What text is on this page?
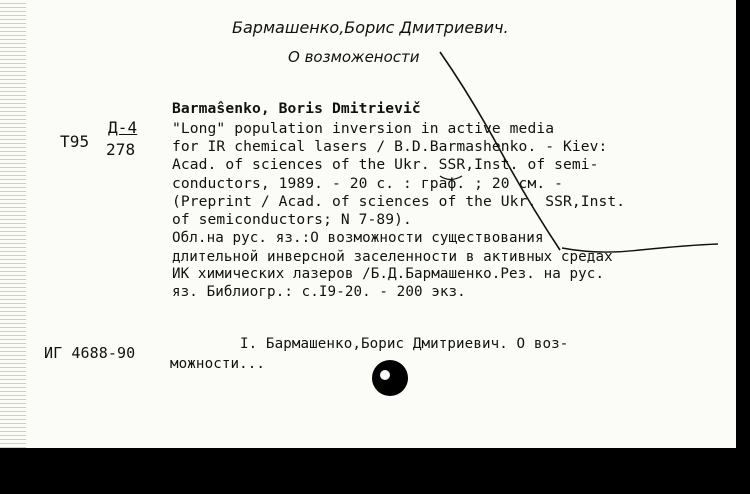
Бармашенко,Борис Дмитриевич.
О возможености
Т95
Д-4
278
Barmaŝenko, Boris Dmitrievič
"Long" population inversion in active media
for IR chemical lasers / B.D.Barmashenko. - Kiev:
Acad. of sciences of the Ukr. SSR,Inst. of semi-
conductors, 1989. - 20 с. : граф. ; 20 см. -
(Preprint / Acad. of sciences of the Ukr. SSR,Inst.
of semiconductors; N 7-89).
Обл.на рус. яз.:О возможности существования
длительной инверсной заселенности в активных средах
ИК химических лазеров /Б.Д.Бармашенко.Рез. на рус.
яз. Библиогр.: с.I9-20. - 200 экз.
ИГ 4688-90	I. Бармашенко,Борис Дмитриевич. О воз-
можности...
